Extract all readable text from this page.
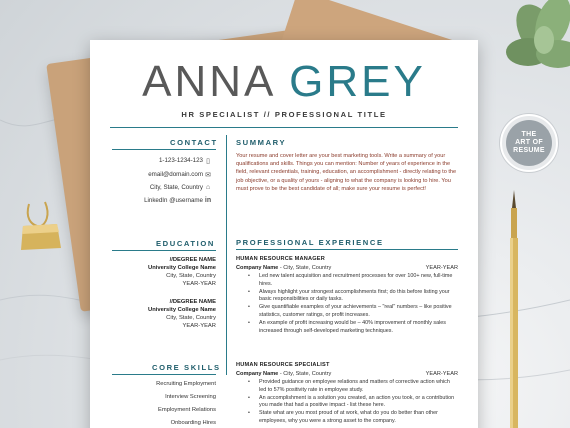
THE
ART OF
RESUME
ANNA GREY
HR SPECIALIST // PROFESSIONAL TITLE
CONTACT
1-123-1234-123 ▯
email@domain.com ✉
City, State, Country ⌂
LinkedIn @username in
EDUCATION
//DEGREE NAME
University College Name
City, State, Country
YEAR-YEAR
//DEGREE NAME
University College Name
City, State, Country
YEAR-YEAR
CORE SKILLS
Recruiting Employment
Interview Screening
Employment Relations
Onboarding Hires
SUMMARY
Your resume and cover letter are your best marketing tools. Write a summary of your qualifications and skills. Things you can mention: Number of years of experience in the field, relevant credentials, training, education, an accomplishment - directly relating to the job objective, or a quality of yours - aligning to what the company is looking to hire. You must prove to be the best candidate of all; make sure your resume is perfect!
PROFESSIONAL EXPERIENCE
HUMAN RESOURCE MANAGER
Company Name - City, State, Country	YEAR-YEAR
• Led new talent acquisition and recruitment processes for over 100+ new, full-time hires.
• Always highlight your strongest accomplishments first; do this before listing your basic responsibilities or daily tasks.
• Give quantifiable examples of your achievements – "real" numbers – like positive statistics, customer ratings, or profit increases.
• An example of profit increasing would be – 40% improvement of monthly sales increased through self-developed marketing techniques.
HUMAN RESOURCE SPECIALIST
Company Name - City, State, Country	YEAR-YEAR
• Provided guidance on employee relations and matters of corrective action which led to 57% positivity rate in employee study.
• An accomplishment is a solution you created, an action you took, or a contribution you made that had a positive impact - list these here.
• State what are you most proud of at work, what do you do better than other employees, why you were a strong asset to the company.
